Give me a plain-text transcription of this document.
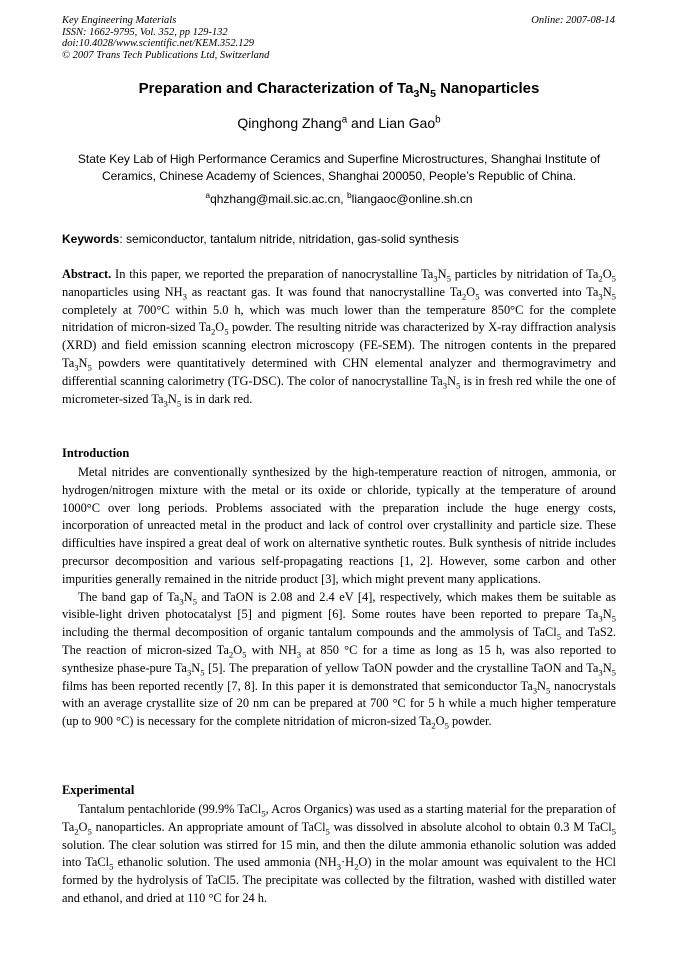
Key Engineering Materials
ISSN: 1662-9795, Vol. 352, pp 129-132
doi:10.4028/www.scientific.net/KEM.352.129
© 2007 Trans Tech Publications Ltd, Switzerland
Online: 2007-08-14
Preparation and Characterization of $Ta_3N_5$ Nanoparticles
Qinghong Zhang$^a$ and Lian Gao$^b$
State Key Lab of High Performance Ceramics and Superfine Microstructures, Shanghai Institute of
Ceramics, Chinese Academy of Sciences, Shanghai 200050, People’s Republic of China.
$^a$qhzhang@mail.sic.ac.cn, $^b$liangaoc@online.sh.cn
Keywords: semiconductor, tantalum nitride, nitridation, gas-solid synthesis

Abstract. In this paper, we reported the preparation of nanocrystalline $Ta_3N_5$ particles by nitridation of $Ta_2O_5$ nanoparticles using $NH_3$ as reactant gas. It was found that nanocrystalline $Ta_2O_5$ was converted into $Ta_3N_5$ completely at 700°C within 5.0 h, which was much lower than the temperature 850°C for the complete nitridation of micron-sized $Ta_2O_5$ powder. The resulting nitride was characterized by X-ray diffraction analysis (XRD) and field emission scanning electron microscopy (FE-SEM). The nitrogen contents in the prepared $Ta_3N_5$ powders were quantitatively determined with CHN elemental analyzer and thermogravimetry and differential scanning calorimetry (TG-DSC). The color of nanocrystalline $Ta_3N_5$ is in fresh red while the one of micrometer-sized $Ta_3N_5$ is in dark red.

Introduction

Metal nitrides are conventionally synthesized by the high-temperature reaction of nitrogen, ammonia, or hydrogen/nitrogen mixture with the metal or its oxide or chloride, typically at the temperature of around 1000°C over long periods. Problems associated with the preparation include the huge energy costs, incorporation of unreacted metal in the product and lack of control over crystallinity and particle size. These difficulties have inspired a great deal of work on alternative synthetic routes. Bulk synthesis of nitride includes precursor decomposition and various self-propagating reactions [1, 2]. However, some carbon and other impurities generally remained in the nitride product [3], which might prevent many applications.

The band gap of $Ta_3N_5$ and TaON is 2.08 and 2.4 eV [4], respectively, which makes them be suitable as visible-light driven photocatalyst [5] and pigment [6]. Some routes have been reported to prepare $Ta_3N_5$ including the thermal decomposition of organic tantalum compounds and the ammolysis of TaCl$_5$ and TaS2. The reaction of micron-sized $Ta_2O_5$ with $NH_3$ at 850 °C for a time as long as 15 h, was also reported to synthesize phase-pure $Ta_3N_5$ [5]. The preparation of yellow TaON powder and the crystalline TaON and $Ta_3N_5$ films has been reported recently [7, 8]. In this paper it is demonstrated that semiconductor $Ta_3N_5$ nanocrystals with an average crystallite size of 20 nm can be prepared at 700 °C for 5 h while a much higher temperature (up to 900 °C) is necessary for the complete nitridation of micron-sized $Ta_2O_5$ powder.

Experimental

Tantalum pentachloride (99.9% TaCl$_5$, Acros Organics) was used as a starting material for the preparation of $Ta_2O_5$ nanoparticles. An appropriate amount of TaCl$_5$ was dissolved in absolute alcohol to obtain 0.3 M TaCl$_5$ solution. The clear solution was stirred for 15 min, and then the dilute ammonia ethanolic solution was added into TaCl$_5$ ethanolic solution. The used ammonia $(NH_3\cdot H_2O)$ in the molar amount was equivalent to the HCl formed by the hydrolysis of TaCl5. The precipitate was collected by the filtration, washed with distilled water and ethanol, and dried at 110 °C for 24 h.
